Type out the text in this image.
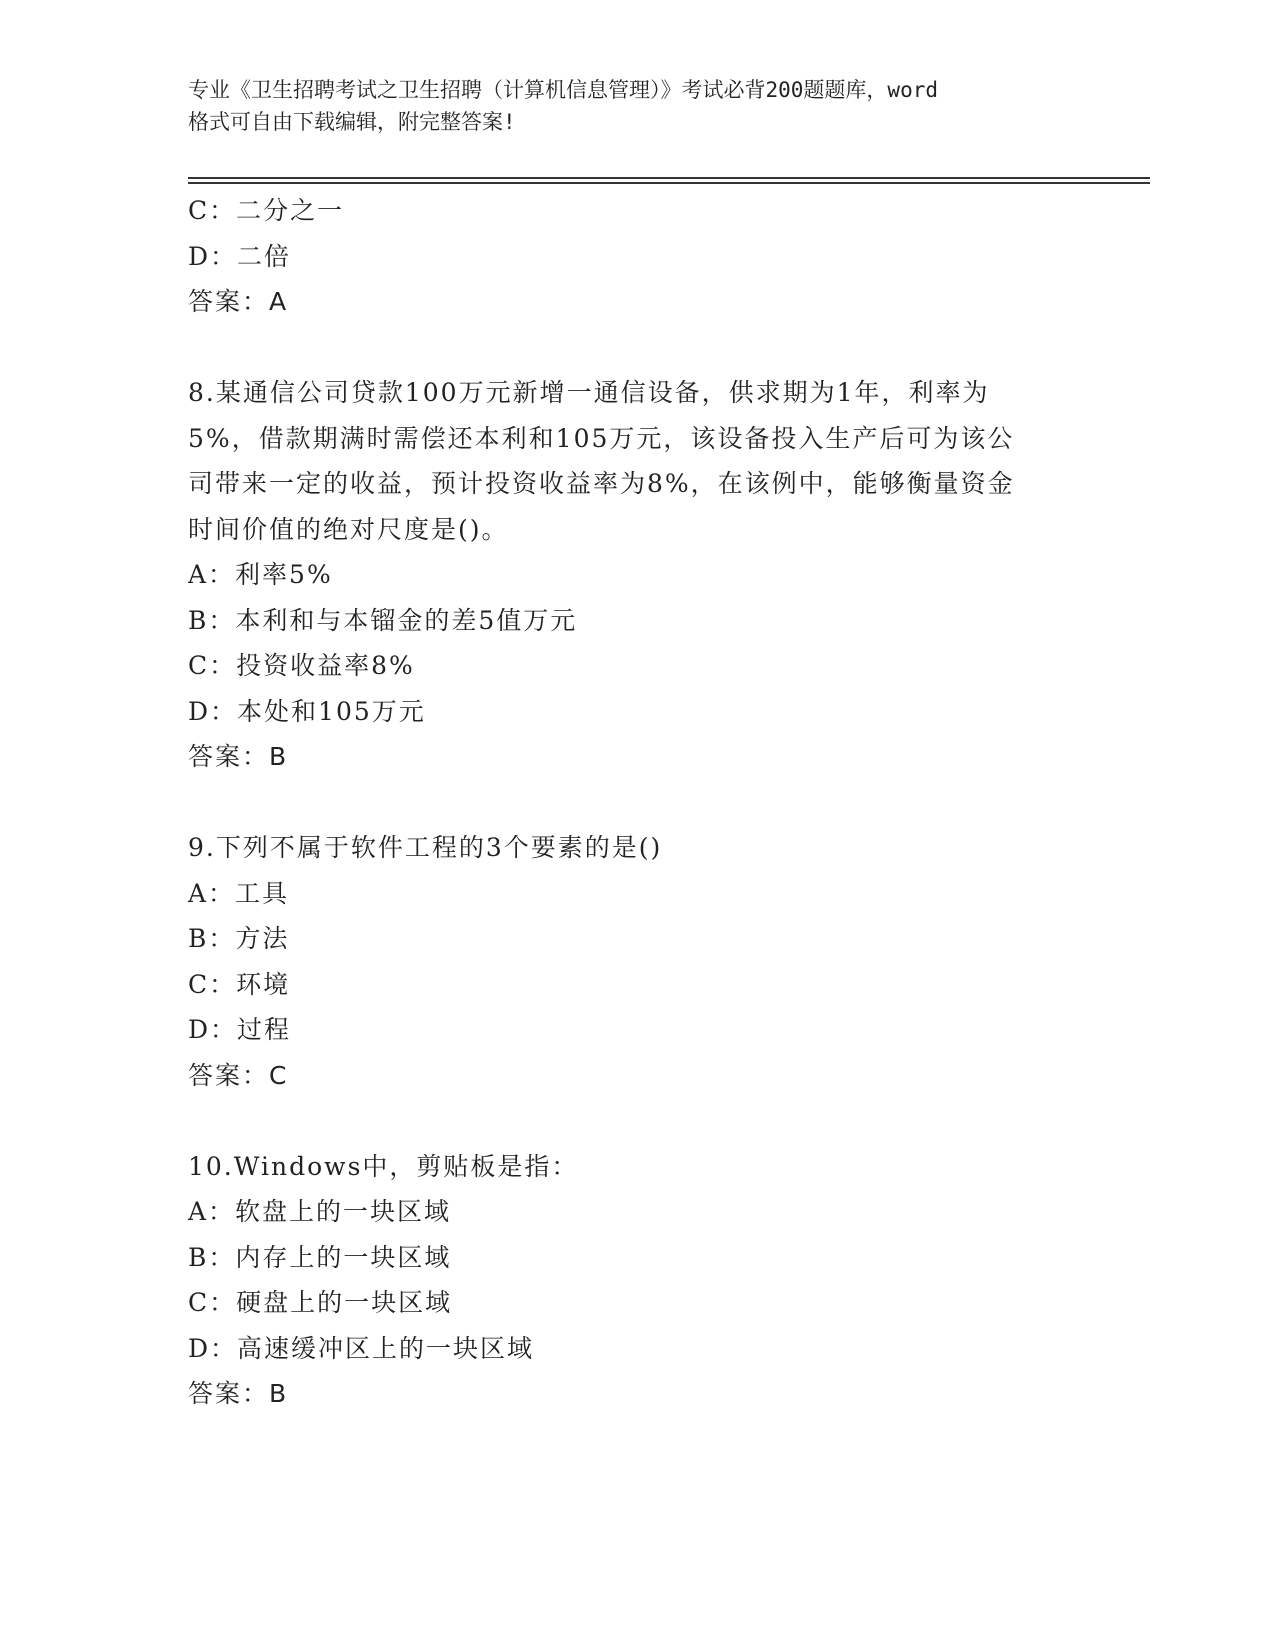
专业《卫生招聘考试之卫生招聘（计算机信息管理）》考试必背200题题库，word
格式可自由下载编辑，附完整答案!
C：二分之一
D：二倍
答案：A
8.某通信公司贷款100万元新增一通信设备，供求期为1年，利率为
5%，借款期满时需偿还本利和105万元，该设备投入生产后可为该公
司带来一定的收益，预计投资收益率为8%，在该例中，能够衡量资金
时间价值的绝对尺度是()。
A：利率5%
B：本利和与本镏金的差5值万元
C：投资收益率8%
D：本处和105万元
答案：B
9.下列不属于软件工程的3个要素的是()
A：工具
B：方法
C：环境
D：过程
答案：C
10.Windows中，剪贴板是指：
A：软盘上的一块区域
B：内存上的一块区域
C：硬盘上的一块区域
D：高速缓冲区上的一块区域
答案：B
